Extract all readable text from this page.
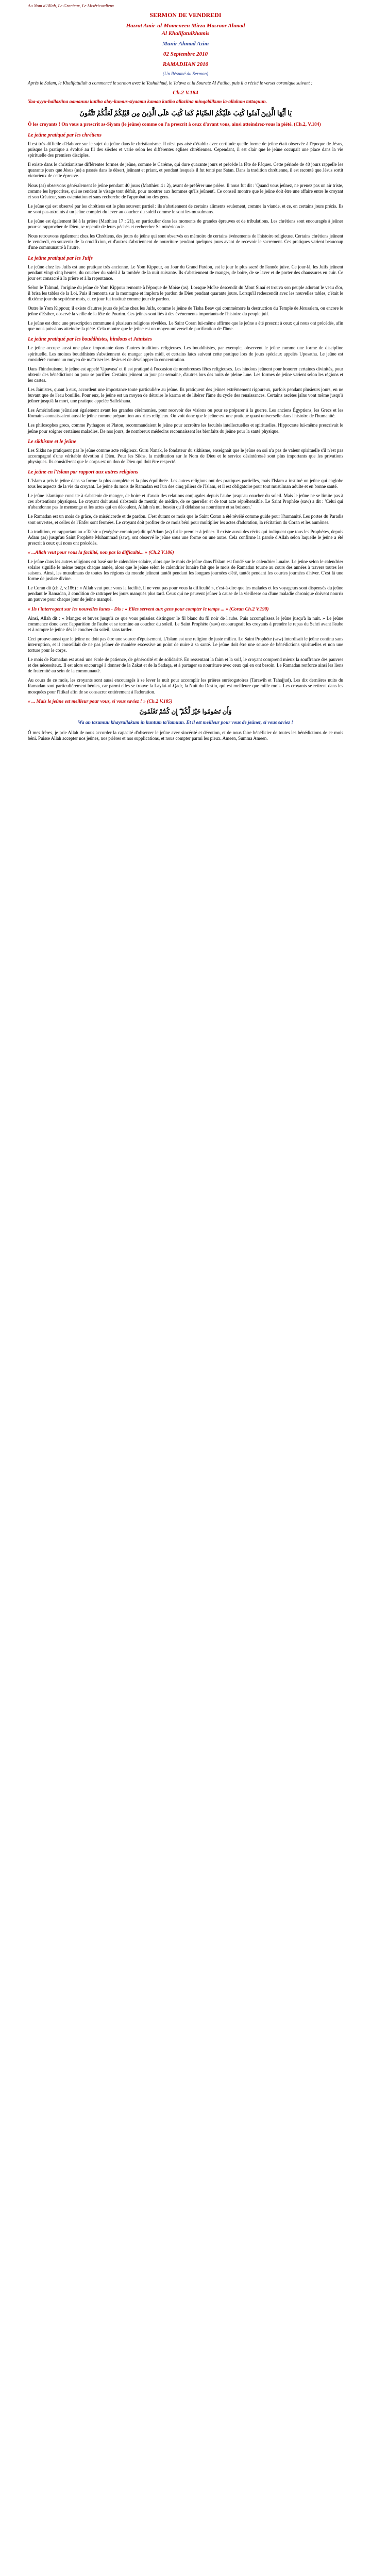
Au Nom d'Allah, Le Gracieux, Le Miséricordieux

SERMON DE VENDREDI

Hazrat Amir-ul-Momeneen Mirza Masroor Ahmad

Al Khalifatulkhamis

Munir Ahmad Azim

02 Septembre 2010

RAMADHAN 2010

(Un Résumé du Sermon)

Après le Salam, le Khalifatullah a commencé le sermon avec le Tashahhud, le Ta'awz et la Sourate Al Fatiha, puis il a récité le verset coranique suivant :

Ch.2 V.184

Yaa-ayyu-hallaziina aamanuu kutiba alay-kumus-siyaamu kamaa kutiba allaziina minqablikum la-allakum tattaquun.

يَا أَيُّهَا الَّذِينَ آمَنُوا كُتِبَ عَلَيْكُمُ الصِّيَامُ كَمَا كُتِبَ عَلَى الَّذِينَ مِن قَبْلِكُمْ لَعَلَّكُمْ تَتَّقُونَ

Ô les croyants ! On vous a prescrit as-Siyam (le jeûne) comme on l'a prescrit à ceux d'avant vous, ainsi atteindrez-vous la piété. (Ch.2, V.184)

Le jeûne pratiqué par les chrétiens

Il est très difficile d'élaborer sur le sujet du jeûne dans le christianisme. Il n'est pas aisé d'établir avec certitude quelle forme de jeûne était observée à l'époque de Jésus, puisque la pratique a évolué au fil des siècles et varie selon les différentes églises chrétiennes. Cependant, il est clair que le jeûne occupait une place dans la vie spirituelle des premiers disciples.

Il existe dans le christianisme différentes formes de jeûne, comme le Carême, qui dure quarante jours et précède la fête de Pâques. Cette période de 40 jours rappelle les quarante jours que Jésus (as) a passés dans le désert, jeûnant et priant, et pendant lesquels il fut tenté par Satan. Dans la tradition chrétienne, il est raconté que Jésus sortit victorieux de cette épreuve.

Nous (as) observons généralement le jeûne pendant 40 jours (Matthieu 4 : 2), avant de préférer une prière. Il nous fut dit : 'Quand vous jeûnez, ne prenez pas un air triste, comme les hypocrites, qui se rendent le visage tout défait, pour montrer aux hommes qu'ils jeûnent'. Ce conseil montre que le jeûne doit être une affaire entre le croyant et son Créateur, sans ostentation et sans recherche de l'approbation des gens.

Le jeûne qui est observé par les chrétiens est le plus souvent partiel : ils s'abstiennent de certains aliments seulement, comme la viande, et ce, en certains jours précis. Ils ne sont pas astreints à un jeûne complet du lever au coucher du soleil comme le sont les musulmans.

Le jeûne est également lié à la prière (Matthieu 17 : 21), en particulier dans les moments de grandes épreuves et de tribulations. Les chrétiens sont encouragés à jeûner pour se rapprocher de Dieu, se repentir de leurs péchés et rechercher Sa miséricorde.

Nous retrouvons également chez les Chrétiens, des jours de jeûne qui sont observés en mémoire de certains événements de l'histoire religieuse. Certains chrétiens jeûnent le vendredi, en souvenir de la crucifixion, et d'autres s'abstiennent de nourriture pendant quelques jours avant de recevoir le sacrement. Ces pratiques varient beaucoup d'une communauté à l'autre.

Le jeûne pratiqué par les Juifs

Le jeûne chez les Juifs est une pratique très ancienne. Le Yom Kippour, ou Jour du Grand Pardon, est le jour le plus sacré de l'année juive. Ce jour-là, les Juifs jeûnent pendant vingt-cinq heures, du coucher du soleil à la tombée de la nuit suivante. Ils s'abstiennent de manger, de boire, de se laver et de porter des chaussures en cuir. Ce jour est consacré à la prière et à la repentance.

Selon le Talmud, l'origine du jeûne de Yom Kippour remonte à l'époque de Moïse (as). Lorsque Moïse descendit du Mont Sinaï et trouva son peuple adorant le veau d'or, il brisa les tables de la Loi. Puis il remonta sur la montagne et implora le pardon de Dieu pendant quarante jours. Lorsqu'il redescendit avec les nouvelles tables, c'était le dixième jour du septième mois, et ce jour fut institué comme jour de pardon.

Outre le Yom Kippour, il existe d'autres jours de jeûne chez les Juifs, comme le jeûne de Tisha Beav qui commémore la destruction du Temple de Jérusalem, ou encore le jeûne d'Esther, observé la veille de la fête de Pourim. Ces jeûnes sont liés à des événements importants de l'histoire du peuple juif.

Le jeûne est donc une prescription commune à plusieurs religions révélées. Le Saint Coran lui-même affirme que le jeûne a été prescrit à ceux qui nous ont précédés, afin que nous puissions atteindre la piété. Cela montre que le jeûne est un moyen universel de purification de l'âme.

Le jeûne pratiqué par les bouddhistes, hindous et Jaïnistes

Le jeûne occupe aussi une place importante dans d'autres traditions religieuses. Les bouddhistes, par exemple, observent le jeûne comme une forme de discipline spirituelle. Les moines bouddhistes s'abstiennent de manger après midi, et certains laïcs suivent cette pratique lors de jours spéciaux appelés Uposatha. Le jeûne est considéré comme un moyen de maîtriser les désirs et de développer la concentration.

Dans l'hindouisme, le jeûne est appelé 'Upavasa' et il est pratiqué à l'occasion de nombreuses fêtes religieuses. Les hindous jeûnent pour honorer certaines divinités, pour obtenir des bénédictions ou pour se purifier. Certains jeûnent un jour par semaine, d'autres lors des nuits de pleine lune. Les formes de jeûne varient selon les régions et les castes.

Les Jaïnistes, quant à eux, accordent une importance toute particulière au jeûne. Ils pratiquent des jeûnes extrêmement rigoureux, parfois pendant plusieurs jours, en ne buvant que de l'eau bouillie. Pour eux, le jeûne est un moyen de détruire le karma et de libérer l'âme du cycle des renaissances. Certains ascètes jaïns vont même jusqu'à jeûner jusqu'à la mort, une pratique appelée Sallekhana.

Les Amérindiens jeûnaient également avant les grandes cérémonies, pour recevoir des visions ou pour se préparer à la guerre. Les anciens Égyptiens, les Grecs et les Romains connaissaient aussi le jeûne comme préparation aux rites religieux. On voit donc que le jeûne est une pratique quasi universelle dans l'histoire de l'humanité.

Les philosophes grecs, comme Pythagore et Platon, recommandaient le jeûne pour accroître les facultés intellectuelles et spirituelles. Hippocrate lui-même prescrivait le jeûne pour soigner certaines maladies. De nos jours, de nombreux médecins reconnaissent les bienfaits du jeûne pour la santé physique.

Le sikhisme et le jeûne

Les Sikhs ne pratiquent pas le jeûne comme acte religieux. Guru Nanak, le fondateur du sikhisme, enseignait que le jeûne en soi n'a pas de valeur spirituelle s'il n'est pas accompagné d'une véritable dévotion à Dieu. Pour les Sikhs, la méditation sur le Nom de Dieu et le service désintéressé sont plus importants que les privations physiques. Ils considèrent que le corps est un don de Dieu qui doit être respecté.

Le jeûne en l'Islam par rapport aux autres religions

L'Islam a pris le jeûne dans sa forme la plus complète et la plus équilibrée. Les autres religions ont des pratiques partielles, mais l'Islam a institué un jeûne qui englobe tous les aspects de la vie du croyant. Le jeûne du mois de Ramadan est l'un des cinq piliers de l'Islam, et il est obligatoire pour tout musulman adulte et en bonne santé.

Le jeûne islamique consiste à s'abstenir de manger, de boire et d'avoir des relations conjugales depuis l'aube jusqu'au coucher du soleil. Mais le jeûne ne se limite pas à ces abstentions physiques. Le croyant doit aussi s'abstenir de mentir, de médire, de se quereller et de tout acte répréhensible. Le Saint Prophète (saw) a dit : 'Celui qui n'abandonne pas le mensonge et les actes qui en découlent, Allah n'a nul besoin qu'il délaisse sa nourriture et sa boisson.'

Le Ramadan est un mois de grâce, de miséricorde et de pardon. C'est durant ce mois que le Saint Coran a été révélé comme guide pour l'humanité. Les portes du Paradis sont ouvertes, et celles de l'Enfer sont fermées. Le croyant doit profiter de ce mois béni pour multiplier les actes d'adoration, la récitation du Coran et les aumônes.

La tradition, en rapportant au « Tafsir » (exégèse coranique) dit qu'Adam (as) fut le premier à jeûner. Il existe aussi des récits qui indiquent que tous les Prophètes, depuis Adam (as) jusqu'au Saint Prophète Muhammad (saw), ont observé le jeûne sous une forme ou une autre. Cela confirme la parole d'Allah selon laquelle le jeûne a été prescrit à ceux qui nous ont précédés.

« ...Allah veut pour vous la facilité, non pas la difficulté... » (Ch.2 V.186)

Le jeûne dans les autres religions est basé sur le calendrier solaire, alors que le mois de jeûne dans l'Islam est fondé sur le calendrier lunaire. Le jeûne selon le calendrier solaire signifie le même temps chaque année, alors que le jeûne selon le calendrier lunaire fait que le mois de Ramadan tourne au cours des années à travers toutes les saisons. Ainsi, les musulmans de toutes les régions du monde jeûnent tantôt pendant les longues journées d'été, tantôt pendant les courtes journées d'hiver. C'est là une forme de justice divine.

Le Coran dit (ch.2, v.186) : « Allah veut pour vous la facilité, Il ne veut pas pour vous la difficulté », c'est-à-dire que les malades et les voyageurs sont dispensés du jeûne pendant le Ramadan, à condition de rattraper les jours manqués plus tard. Ceux qui ne peuvent jeûner à cause de la vieillesse ou d'une maladie chronique doivent nourrir un pauvre pour chaque jour de jeûne manqué.

« Ils t'interrogent sur les nouvelles lunes - Dis : « Elles servent aux gens pour compter le temps ... » (Coran Ch.2 V.190)

Ainsi, Allah dit : « Mangez et buvez jusqu'à ce que vous puissiez distinguer le fil blanc du fil noir de l'aube. Puis accomplissez le jeûne jusqu'à la nuit. » Le jeûne commence donc avec l'apparition de l'aube et se termine au coucher du soleil. Le Saint Prophète (saw) encourageait les croyants à prendre le repas du Sehri avant l'aube et à rompre le jeûne dès le coucher du soleil, sans tarder.

Ceci prouve aussi que le jeûne ne doit pas être une source d'épuisement. L'Islam est une religion de juste milieu. Le Saint Prophète (saw) interdisait le jeûne continu sans interruption, et il conseillait de ne pas jeûner de manière excessive au point de nuire à sa santé. Le jeûne doit être une source de bénédictions spirituelles et non une torture pour le corps.

Le mois de Ramadan est aussi une école de patience, de générosité et de solidarité. En ressentant la faim et la soif, le croyant comprend mieux la souffrance des pauvres et des nécessiteux. Il est alors encouragé à donner de la Zakat et de la Sadaqa, et à partager sa nourriture avec ceux qui en ont besoin. Le Ramadan renforce ainsi les liens de fraternité au sein de la communauté.

Au cours de ce mois, les croyants sont aussi encouragés à se lever la nuit pour accomplir les prières surérogatoires (Tarawih et Tahajjud). Les dix dernières nuits du Ramadan sont particulièrement bénies, car parmi elles se trouve la Laylat-ul-Qadr, la Nuit du Destin, qui est meilleure que mille mois. Les croyants se retirent dans les mosquées pour l'Itikaf afin de se consacrer entièrement à l'adoration.

« ... Mais le jeûne est meilleur pour vous, si vous saviez ! » (Ch.2 V.185)

وَأَن تَصُومُوا خَيْرٌ لَّكُمْ ۖ إِن كُنتُمْ تَعْلَمُونَ

Wa an tasumuu khayrullakum in kuntum ta'lamuun. Et il est meilleur pour vous de jeûner, si vous saviez !

Ô mes frères, je prie Allah de nous accorder la capacité d'observer le jeûne avec sincérité et dévotion, et de nous faire bénéficier de toutes les bénédictions de ce mois béni. Puisse Allah accepter nos jeûnes, nos prières et nos supplications, et nous compter parmi les pieux. Ameen, Summa Ameen.
